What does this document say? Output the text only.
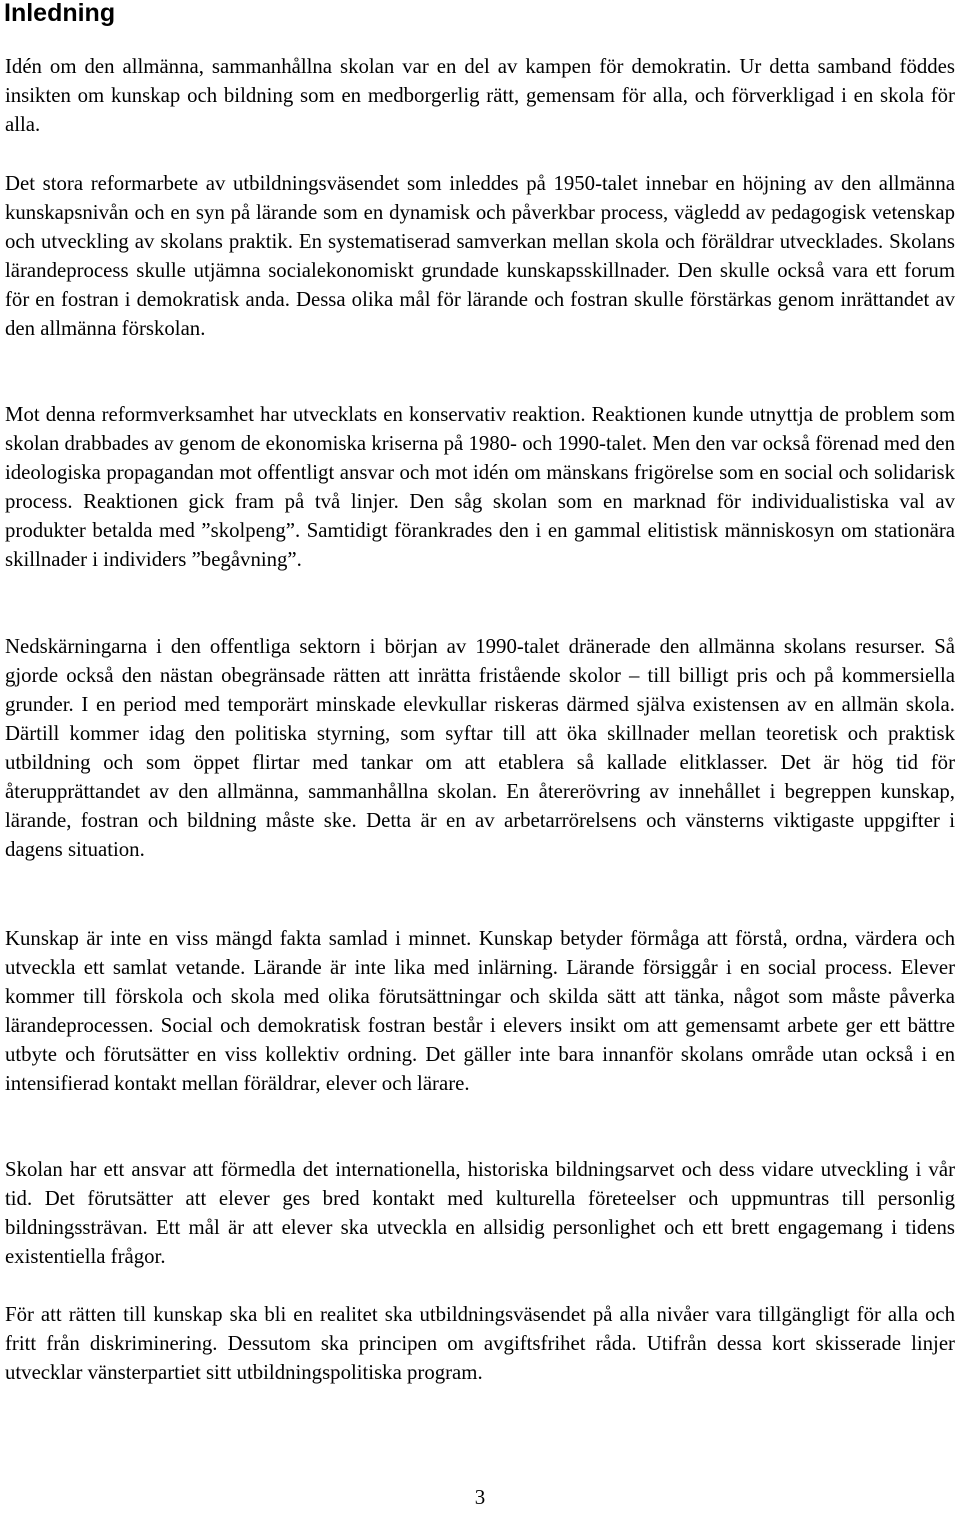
Inledning

Idén om den allmänna, sammanhållna skolan var en del av kampen för demokratin. Ur detta samband föddes insikten om kunskap och bildning som en medborgerlig rätt, gemensam för alla, och förverkligad i en skola för alla.

Det stora reformarbete av utbildningsväsendet som inleddes på 1950-talet innebar en höjning av den allmänna kunskapsnivån och en syn på lärande som en dynamisk och påverkbar process, vägledd av pedagogisk vetenskap och utveckling av skolans praktik. En systematiserad samverkan mellan skola och föräldrar utvecklades. Skolans lärandeprocess skulle utjämna socialekonomiskt grundade kunskapsskillnader. Den skulle också vara ett forum för en fostran i demokratisk anda. Dessa olika mål för lärande och fostran skulle förstärkas genom inrättandet av den allmänna förskolan.

Mot denna reformverksamhet har utvecklats en konservativ reaktion. Reaktionen kunde utnyttja de problem som skolan drabbades av genom de ekonomiska kriserna på 1980- och 1990-talet. Men den var också förenad med den ideologiska propagandan mot offentligt ansvar och mot idén om mänskans frigörelse som en social och solidarisk process. Reaktionen gick fram på två linjer. Den såg skolan som en marknad för individualistiska val av produkter betalda med ”skolpeng”. Samtidigt förankrades den i en gammal elitistisk människosyn om stationära skillnader i individers ”begåvning”.

Nedskärningarna i den offentliga sektorn i början av 1990-talet dränerade den allmänna skolans resurser. Så gjorde också den nästan obegränsade rätten att inrätta fristående skolor – till billigt pris och på kommersiella grunder. I en period med temporärt minskade elevkullar riskeras därmed själva existensen av en allmän skola. Därtill kommer idag den politiska styrning, som syftar till att öka skillnader mellan teoretisk och praktisk utbildning och som öppet flirtar med tankar om att etablera så kallade elitklasser. Det är hög tid för återupprättandet av den allmänna, sammanhållna skolan. En återerövring av innehållet i begreppen kunskap, lärande, fostran och bildning måste ske. Detta är en av arbetarrörelsens och vänsterns viktigaste uppgifter i dagens situation.

Kunskap är inte en viss mängd fakta samlad i minnet. Kunskap betyder förmåga att förstå, ordna, värdera och utveckla ett samlat vetande. Lärande är inte lika med inlärning. Lärande försiggår i en social process. Elever kommer till förskola och skola med olika förutsättningar och skilda sätt att tänka, något som måste påverka lärandeprocessen. Social och demokratisk fostran består i elevers insikt om att gemensamt arbete ger ett bättre utbyte och förutsätter en viss kollektiv ordning. Det gäller inte bara innanför skolans område utan också i en intensifierad kontakt mellan föräldrar, elever och lärare.

Skolan har ett ansvar att förmedla det internationella, historiska bildningsarvet och dess vidare utveckling i vår tid. Det förutsätter att elever ges bred kontakt med kulturella företeelser och uppmuntras till personlig bildningssträvan. Ett mål är att elever ska utveckla en allsidig personlighet och ett brett engagemang i tidens existentiella frågor.

För att rätten till kunskap ska bli en realitet ska utbildningsväsendet på alla nivåer vara tillgängligt för alla och fritt från diskriminering. Dessutom ska principen om avgiftsfrihet råda. Utifrån dessa kort skisserade linjer utvecklar vänsterpartiet sitt utbildningspolitiska program.

3
